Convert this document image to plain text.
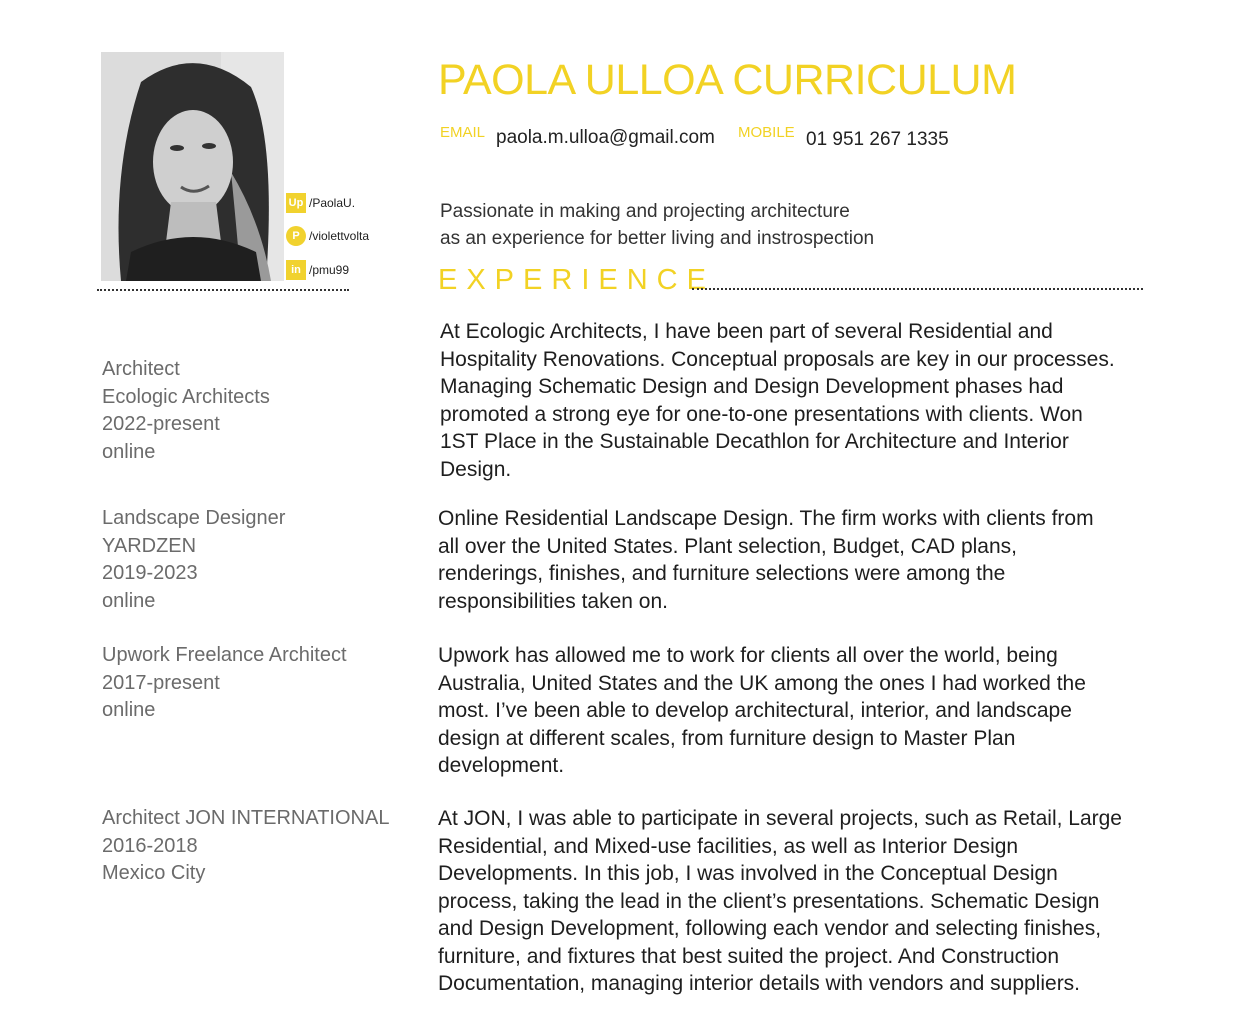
Up /PaolaU.
P /violettvolta
in /pmu99
PAOLA ULLOA CURRICULUM
EMAIL paola.m.ulloa@gmail.com MOBILE 01 951 267 1335
Passionate in making and projecting architecture
as an experience for better living and instrospection
EXPERIENCE
Architect
Ecologic Architects
2022-present
online
At Ecologic Architects, I have been part of several Residential and
Hospitality Renovations. Conceptual proposals are key in our processes.
Managing Schematic Design and Design Development phases had
promoted a strong eye for one-to-one presentations with clients. Won
1ST Place in the Sustainable Decathlon for Architecture and Interior
Design.
Landscape Designer
YARDZEN
2019-2023
online
Online Residential Landscape Design. The firm works with clients from
all over the United States. Plant selection, Budget, CAD plans,
renderings, finishes, and furniture selections were among the
responsibilities taken on.
Upwork Freelance Architect
2017-present
online
Upwork has allowed me to work for clients all over the world, being
Australia, United States and the UK among the ones I had worked the
most. I’ve been able to develop architectural, interior, and landscape
design at different scales, from furniture design to Master Plan
development.
Architect JON INTERNATIONAL
2016-2018
Mexico City
At JON, I was able to participate in several projects, such as Retail, Large
Residential, and Mixed-use facilities, as well as Interior Design
Developments. In this job, I was involved in the Conceptual Design
process, taking the lead in the client’s presentations. Schematic Design
and Design Development, following each vendor and selecting finishes,
furniture, and fixtures that best suited the project. And Construction
Documentation, managing interior details with vendors and suppliers.
